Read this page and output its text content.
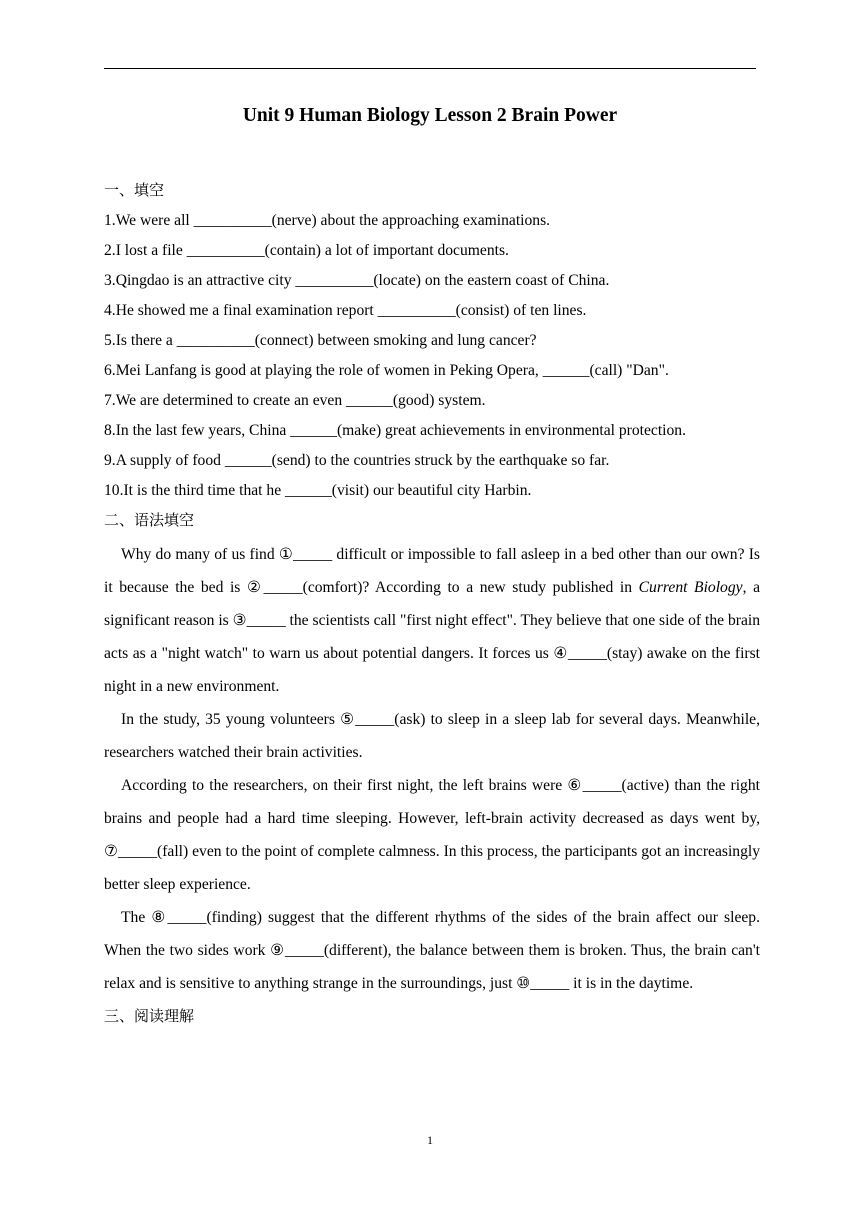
Unit 9 Human Biology Lesson 2 Brain Power
一、填空
1.We were all __________(nerve) about the approaching examinations.
2.I lost a file __________(contain) a lot of important documents.
3.Qingdao is an attractive city __________(locate) on the eastern coast of China.
4.He showed me a final examination report __________(consist) of ten lines.
5.Is there a __________(connect) between smoking and lung cancer?
6.Mei Lanfang is good at playing the role of women in Peking Opera, ______(call) "Dan".
7.We are determined to create an even ______(good) system.
8.In the last few years, China ______(make) great achievements in environmental protection.
9.A supply of food ______(send) to the countries struck by the earthquake so far.
10.It is the third time that he ______(visit) our beautiful city Harbin.
二、语法填空
Why do many of us find ①_____ difficult or impossible to fall asleep in a bed other than our own? Is it because the bed is ②_____(comfort)? According to a new study published in Current Biology, a significant reason is ③_____ the scientists call "first night effect". They believe that one side of the brain acts as a "night watch" to warn us about potential dangers. It forces us ④_____(stay) awake on the first night in a new environment.
In the study, 35 young volunteers ⑤_____(ask) to sleep in a sleep lab for several days. Meanwhile, researchers watched their brain activities.
According to the researchers, on their first night, the left brains were ⑥_____(active) than the right brains and people had a hard time sleeping. However, left-brain activity decreased as days went by, ⑦_____(fall) even to the point of complete calmness. In this process, the participants got an increasingly better sleep experience.
The ⑧_____(finding) suggest that the different rhythms of the sides of the brain affect our sleep. When the two sides work ⑨_____(different), the balance between them is broken. Thus, the brain can't relax and is sensitive to anything strange in the surroundings, just ⑩_____ it is in the daytime.
三、阅读理解
1
